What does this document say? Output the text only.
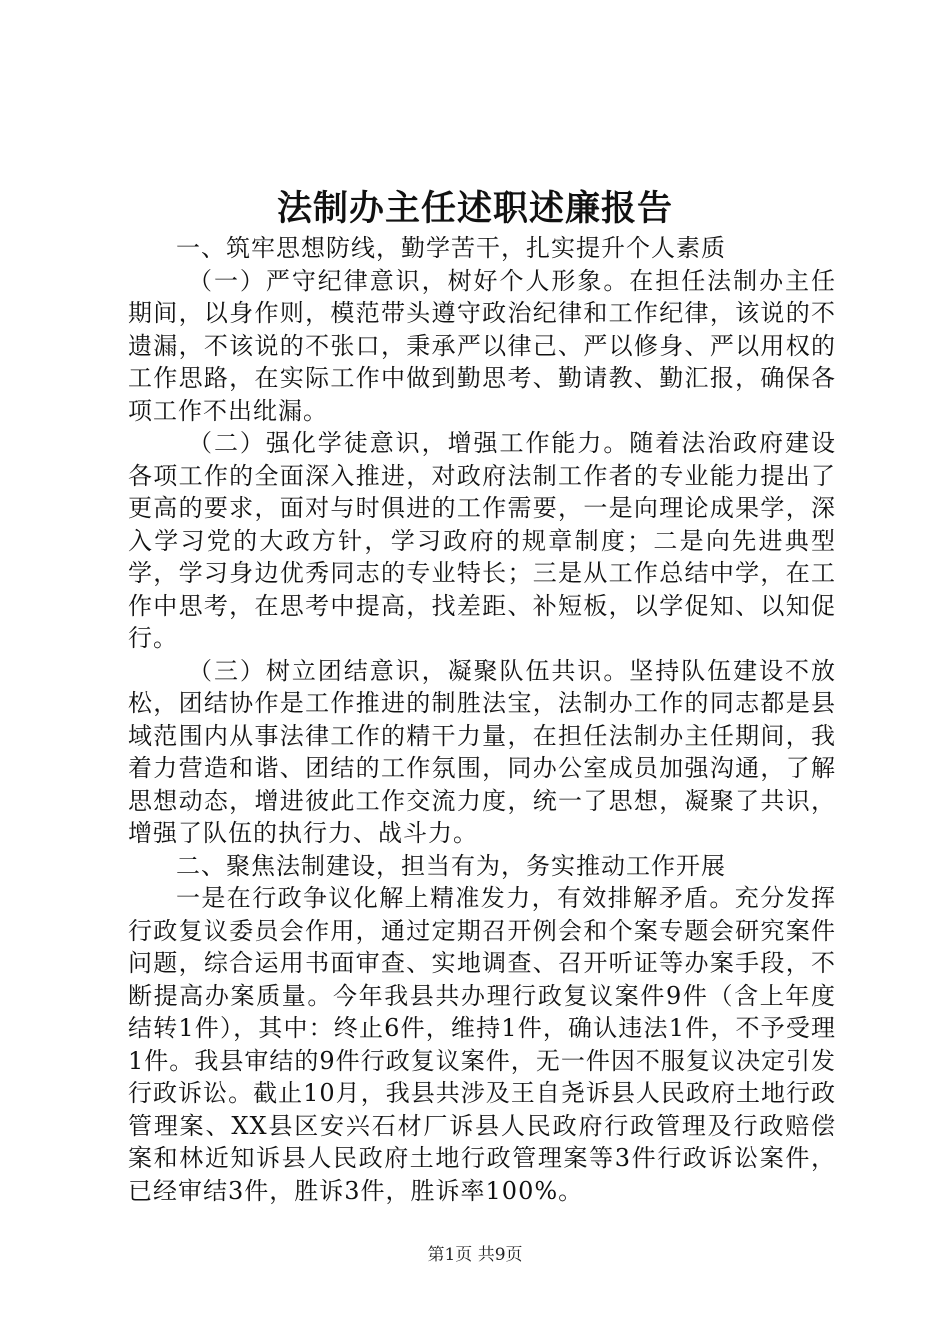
法制办主任述职述廉报告

一、筑牢思想防线，勤学苦干，扎实提升个人素质

（一）严守纪律意识，树好个人形象。在担任法制办主任期间，以身作则，模范带头遵守政治纪律和工作纪律，该说的不遗漏，不该说的不张口，秉承严以律己、严以修身、严以用权的工作思路，在实际工作中做到勤思考、勤请教、勤汇报，确保各项工作不出纰漏。

（二）强化学徒意识，增强工作能力。随着法治政府建设各项工作的全面深入推进，对政府法制工作者的专业能力提出了更高的要求，面对与时俱进的工作需要，一是向理论成果学，深入学习党的大政方针，学习政府的规章制度；二是向先进典型学，学习身边优秀同志的专业特长；三是从工作总结中学，在工作中思考，在思考中提高，找差距、补短板，以学促知、以知促行。

（三）树立团结意识，凝聚队伍共识。坚持队伍建设不放松，团结协作是工作推进的制胜法宝，法制办工作的同志都是县域范围内从事法律工作的精干力量，在担任法制办主任期间，我着力营造和谐、团结的工作氛围，同办公室成员加强沟通，了解思想动态，增进彼此工作交流力度，统一了思想，凝聚了共识，增强了队伍的执行力、战斗力。

二、聚焦法制建设，担当有为，务实推动工作开展

一是在行政争议化解上精准发力，有效排解矛盾。充分发挥行政复议委员会作用，通过定期召开例会和个案专题会研究案件问题，综合运用书面审查、实地调查、召开听证等办案手段，不断提高办案质量。今年我县共办理行政复议案件9件（含上年度结转1件），其中：终止6件，维持1件，确认违法1件，不予受理1件。我县审结的9件行政复议案件，无一件因不服复议决定引发行政诉讼。截止10月，我县共涉及王自尧诉县人民政府土地行政管理案、XX县区安兴石材厂诉县人民政府行政管理及行政赔偿案和林近知诉县人民政府土地行政管理案等3件行政诉讼案件，已经审结3件，胜诉3件，胜诉率100%。

第1页 共9页
